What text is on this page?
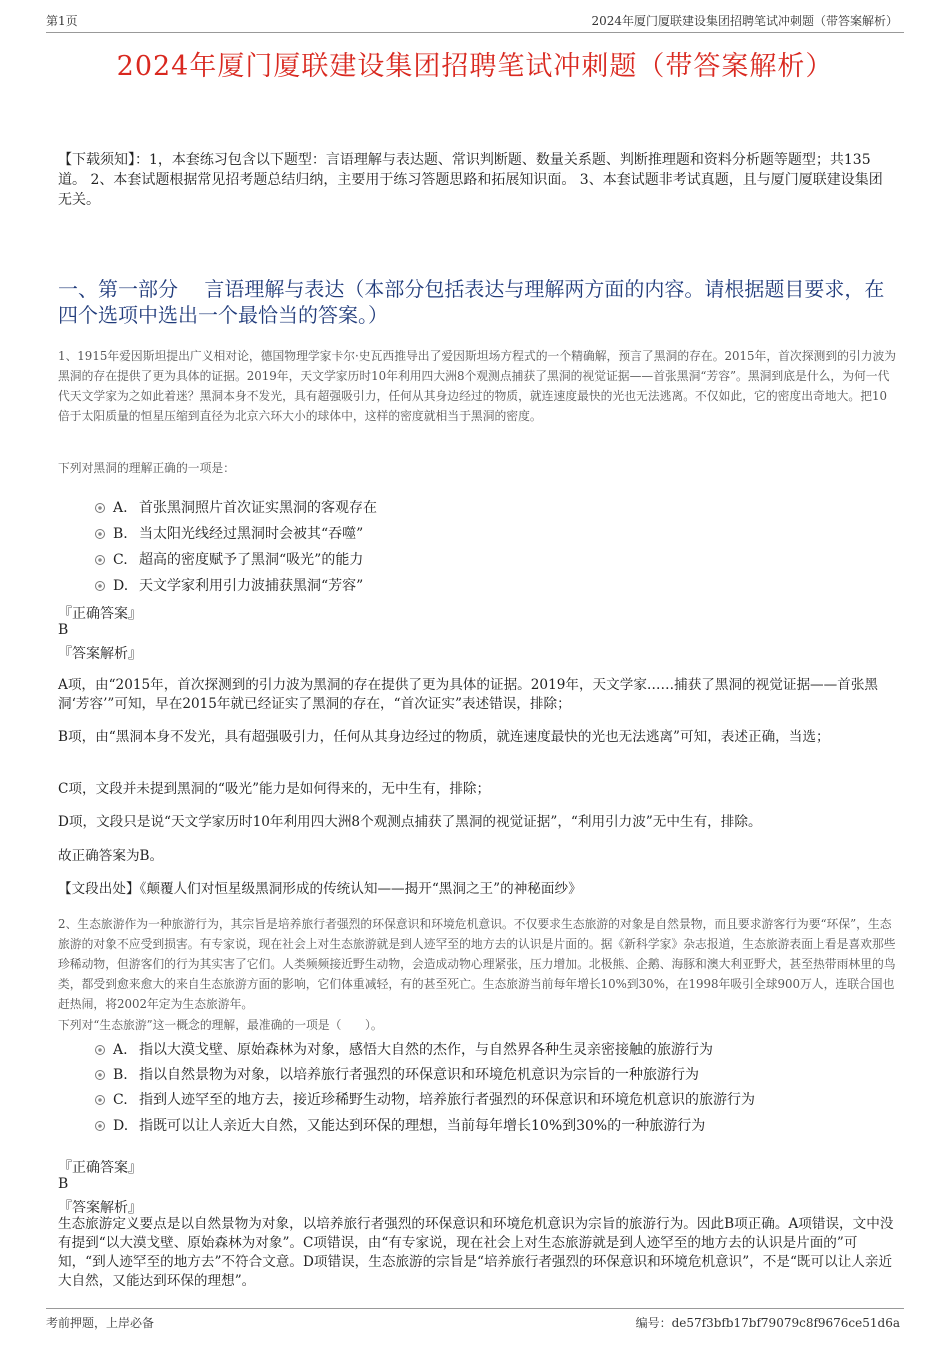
第1页	2024年厦门厦联建设集团招聘笔试冲刺题（带答案解析）
2024年厦门厦联建设集团招聘笔试冲刺题（带答案解析）
【下载须知】：1，本套练习包含以下题型：言语理解与表达题、常识判断题、数量关系题、判断推理题和资料分析题等题型；共135道。 2、本套试题根据常见招考题总结归纳，主要用于练习答题思路和拓展知识面。 3、本套试题非考试真题，且与厦门厦联建设集团无关。
一、第一部分　 言语理解与表达（本部分包括表达与理解两方面的内容。请根据题目要求，在四个选项中选出一个最恰当的答案。）
1、1915年爱因斯坦提出广义相对论，德国物理学家卡尔·史瓦西推导出了爱因斯坦场方程式的一个精确解，预言了黑洞的存在。2015年，首次探测到的引力波为黑洞的存在提供了更为具体的证据。2019年，天文学家历时10年利用四大洲8个观测点捕获了黑洞的视觉证据——首张黑洞“芳容”。黑洞到底是什么，为何一代代天文学家为之如此着迷？黑洞本身不发光，具有超强吸引力，任何从其身边经过的物质，就连速度最快的光也无法逃离。不仅如此，它的密度出奇地大。把10倍于太阳质量的恒星压缩到直径为北京六环大小的球体中，这样的密度就相当于黑洞的密度。
下列对黑洞的理解正确的一项是：
A. 首张黑洞照片首次证实黑洞的客观存在
B. 当太阳光线经过黑洞时会被其“吞噬”
C. 超高的密度赋予了黑洞“吸光”的能力
D. 天文学家利用引力波捕获黑洞“芳容”
『正确答案』
B
『答案解析』
A项，由“2015年，首次探测到的引力波为黑洞的存在提供了更为具体的证据。2019年，天文学家……捕获了黑洞的视觉证据——首张黑洞‘芳容’”可知，早在2015年就已经证实了黑洞的存在，“首次证实”表述错误，排除；
B项，由“黑洞本身不发光，具有超强吸引力，任何从其身边经过的物质，就连速度最快的光也无法逃离”可知，表述正确，当选；
C项，文段并未提到黑洞的“吸光”能力是如何得来的，无中生有，排除；
D项，文段只是说“天文学家历时10年利用四大洲8个观测点捕获了黑洞的视觉证据”，“利用引力波”无中生有，排除。
故正确答案为B。
【文段出处】《颠覆人们对恒星级黑洞形成的传统认知——揭开“黑洞之王”的神秘面纱》
2、生态旅游作为一种旅游行为，其宗旨是培养旅行者强烈的环保意识和环境危机意识。不仅要求生态旅游的对象是自然景物，而且要求游客行为要“环保”，生态旅游的对象不应受到损害。有专家说，现在社会上对生态旅游就是到人迹罕至的地方去的认识是片面的。据《新科学家》杂志报道，生态旅游表面上看是喜欢那些珍稀动物，但游客们的行为其实害了它们。人类频频接近野生动物，会造成动物心理紧张，压力增加。北极熊、企鹅、海豚和澳大利亚野犬，甚至热带雨林里的鸟类，都受到愈来愈大的来自生态旅游方面的影响，它们体重减轻，有的甚至死亡。生态旅游当前每年增长10%到30%，在1998年吸引全球900万人，连联合国也赶热闹，将2002年定为生态旅游年。
下列对“生态旅游”这一概念的理解，最准确的一项是（　　）。
A. 指以大漠戈壁、原始森林为对象，感悟大自然的杰作，与自然界各种生灵亲密接触的旅游行为
B. 指以自然景物为对象，以培养旅行者强烈的环保意识和环境危机意识为宗旨的一种旅游行为
C. 指到人迹罕至的地方去，接近珍稀野生动物，培养旅行者强烈的环保意识和环境危机意识的旅游行为
D. 指既可以让人亲近大自然，又能达到环保的理想，当前每年增长10%到30%的一种旅游行为
『正确答案』
B
『答案解析』
生态旅游定义要点是以自然景物为对象，以培养旅行者强烈的环保意识和环境危机意识为宗旨的旅游行为。因此B项正确。A项错误，文中没有提到“以大漠戈壁、原始森林为对象”。C项错误，由“有专家说，现在社会上对生态旅游就是到人迹罕至的地方去的认识是片面的”可知，“到人迹罕至的地方去”不符合文意。D项错误，生态旅游的宗旨是“培养旅行者强烈的环保意识和环境危机意识”，不是“既可以让人亲近大自然，又能达到环保的理想”。
考前押题，上岸必备	编号：de57f3bfb17bf79079c8f9676ce51d6a
